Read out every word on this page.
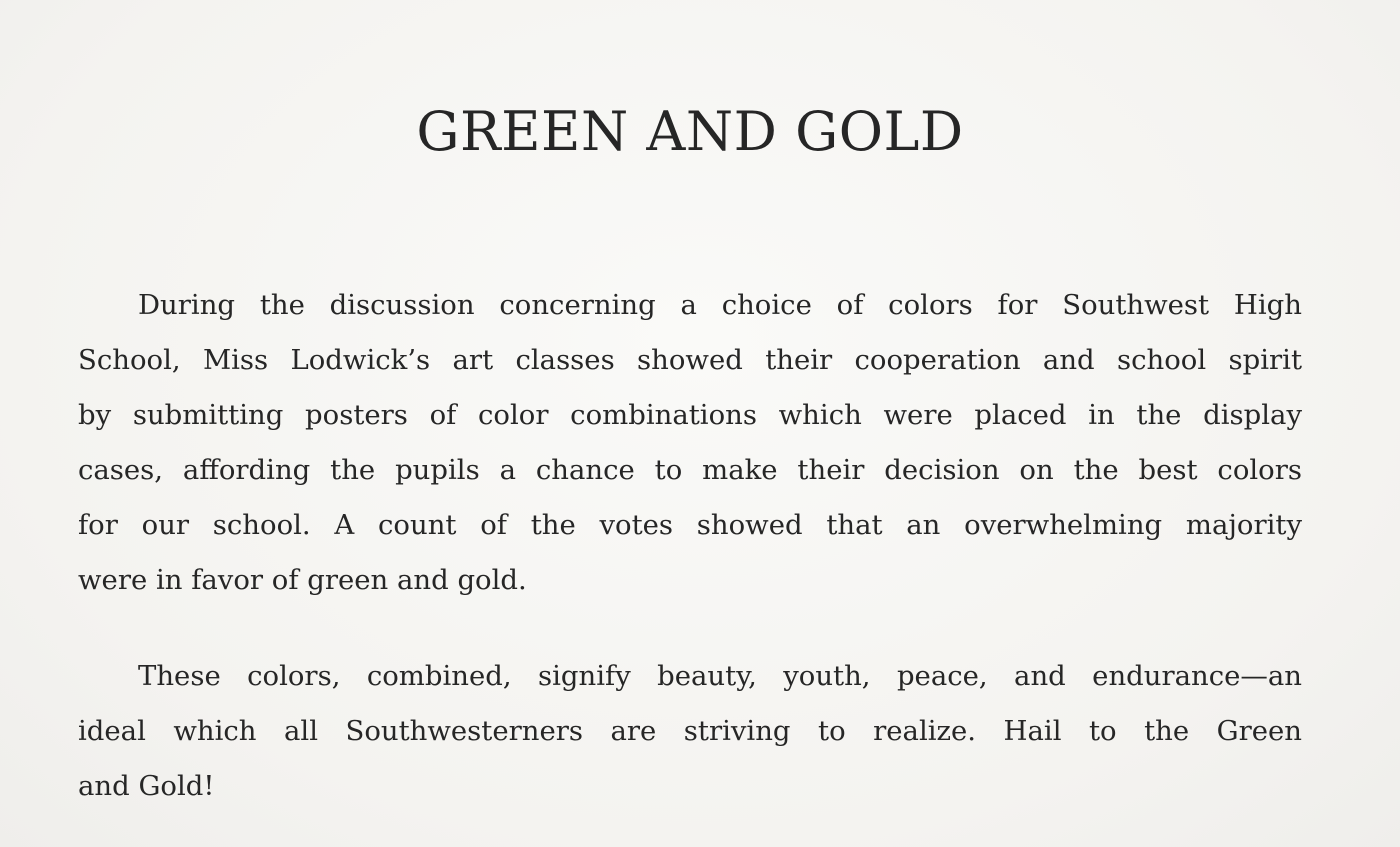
GREEN AND GOLD
During the discussion concerning a choice of colors for Southwest High
School, Miss Lodwick’s art classes showed their cooperation and school spirit
by submitting posters of color combinations which were placed in the display
cases, affording the pupils a chance to make their decision on the best colors
for our school. A count of the votes showed that an overwhelming majority
were in favor of green and gold.
These colors, combined, signify beauty, youth, peace, and endurance—an
ideal which all Southwesterners are striving to realize. Hail to the Green
and Gold!
